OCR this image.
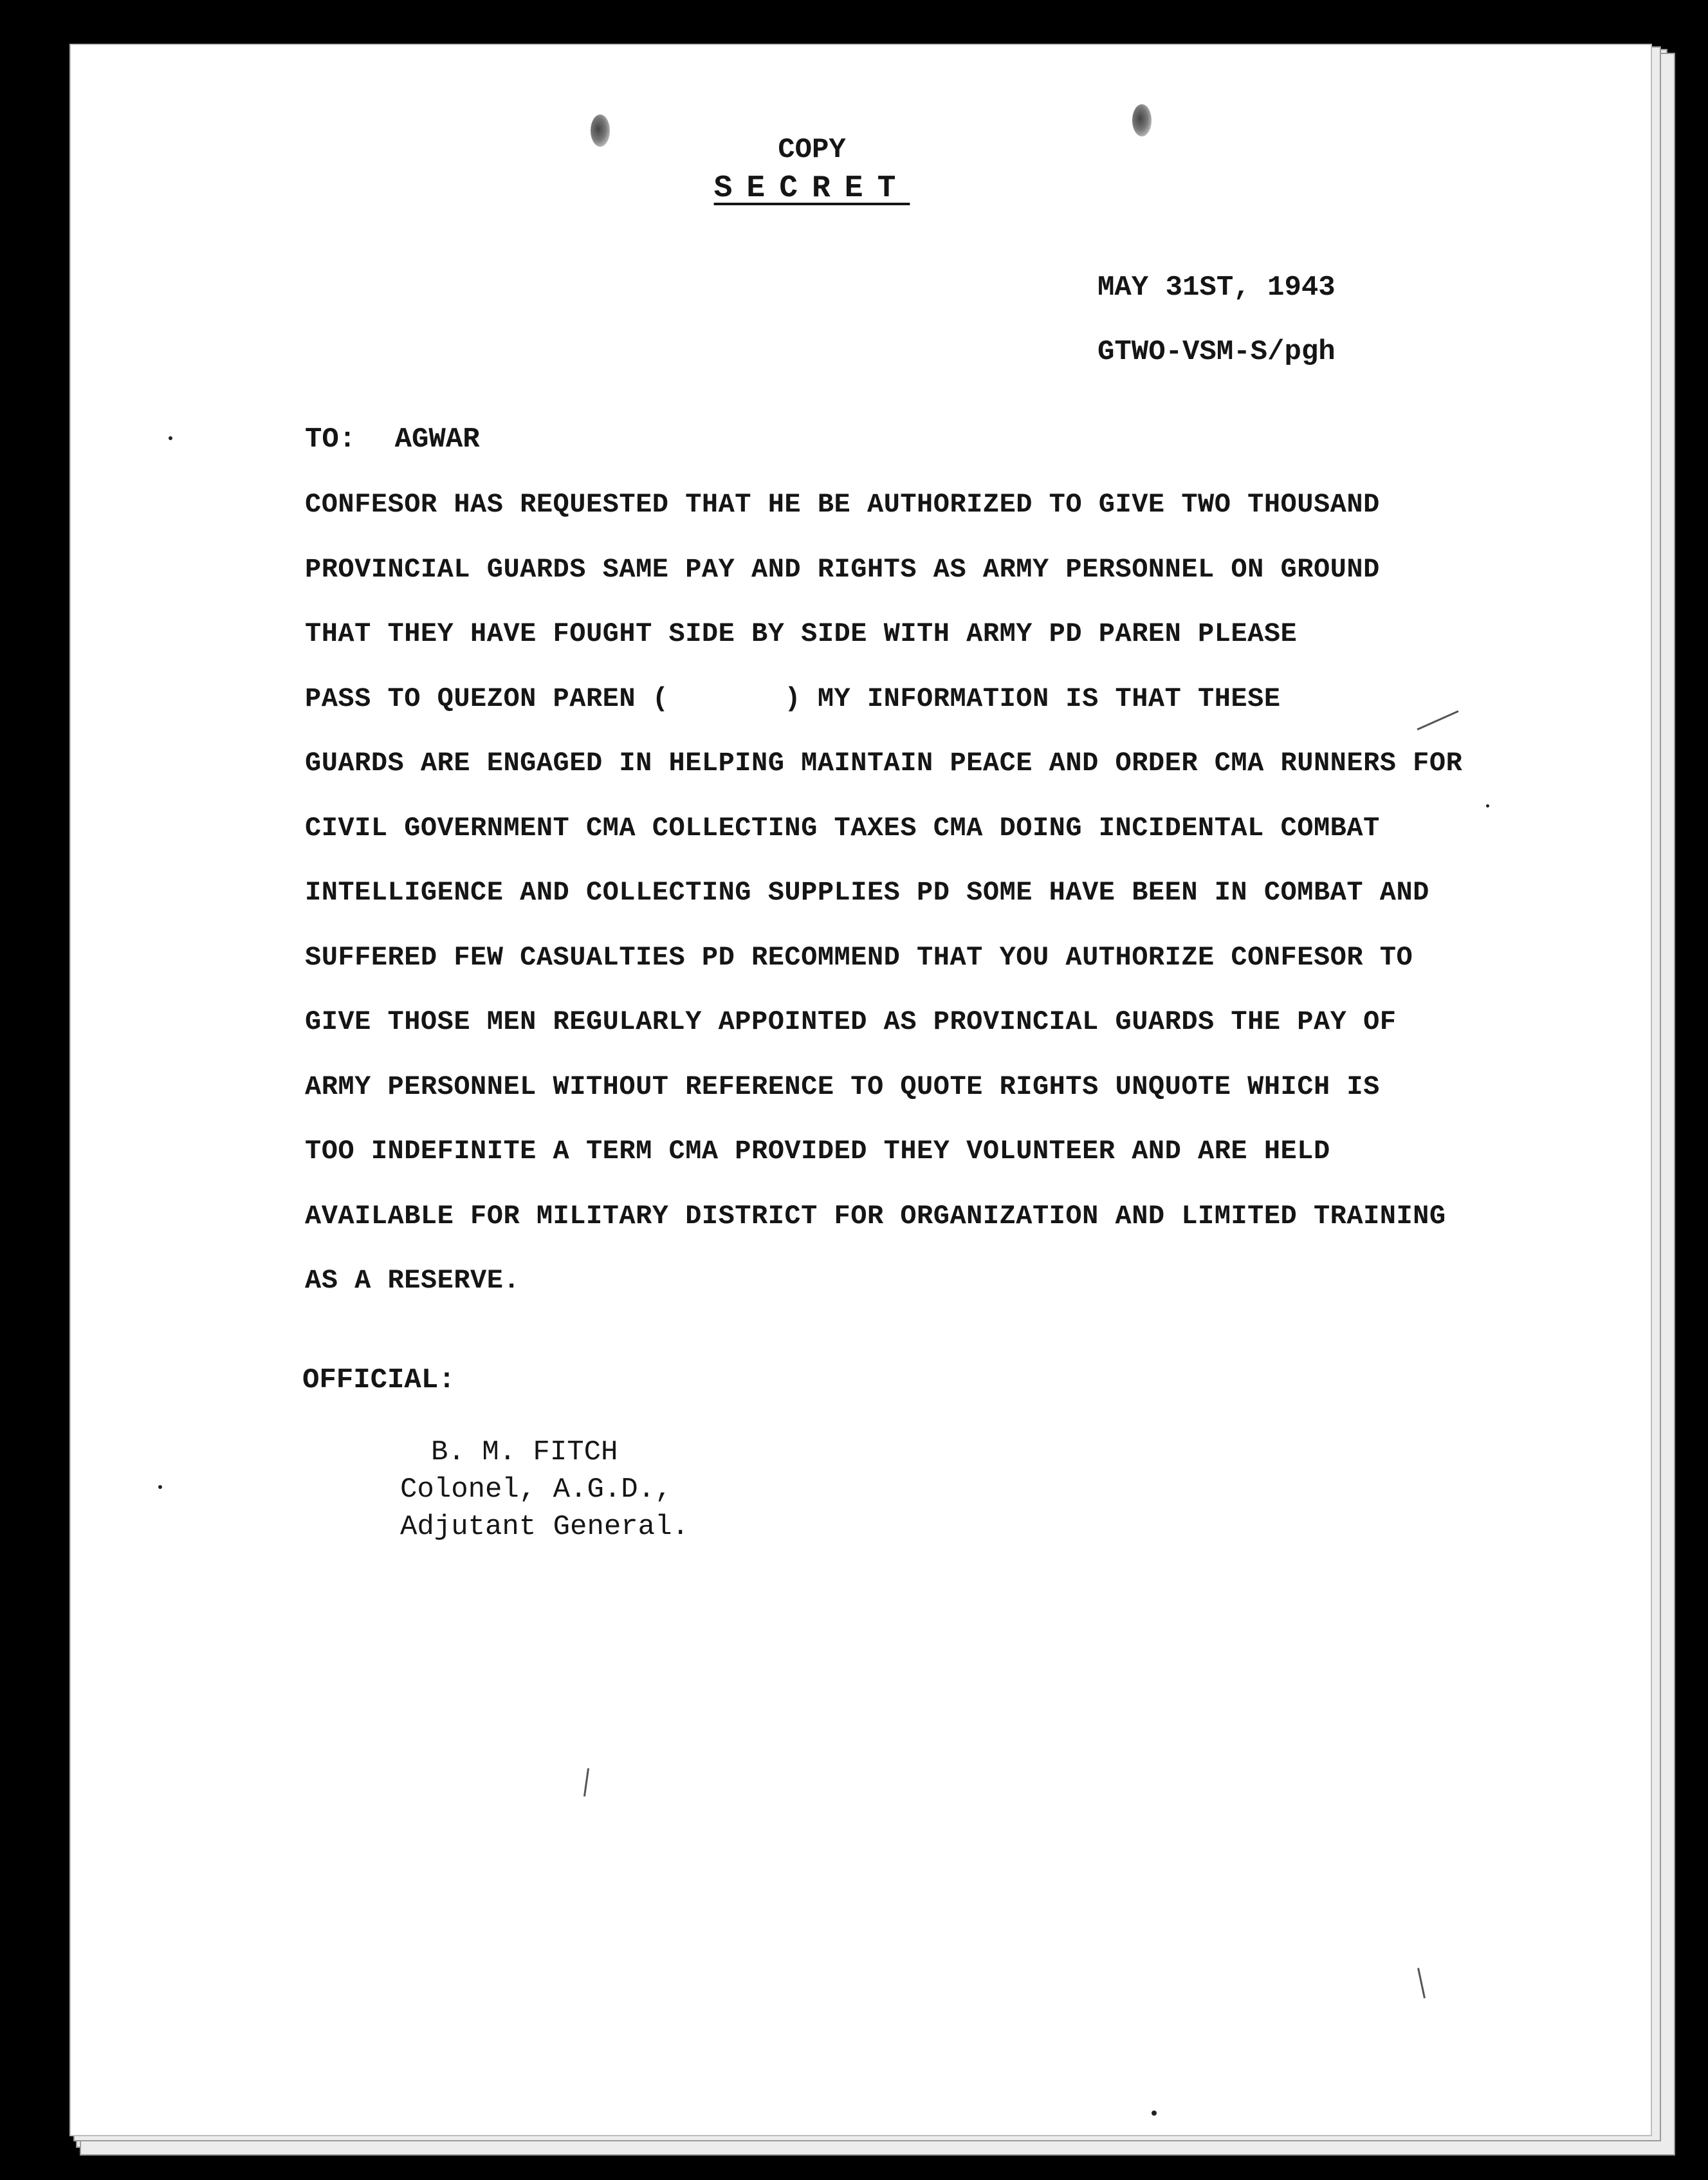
COPY
SECRET
MAY 31ST, 1943
GTWO-VSM-S/pgh
TO: AGWAR
CONFESOR HAS REQUESTED THAT HE BE AUTHORIZED TO GIVE TWO THOUSAND
PROVINCIAL GUARDS SAME PAY AND RIGHTS AS ARMY PERSONNEL ON GROUND
THAT THEY HAVE FOUGHT SIDE BY SIDE WITH ARMY PD PAREN PLEASE
PASS TO QUEZON PAREN (       ) MY INFORMATION IS THAT THESE
GUARDS ARE ENGAGED IN HELPING MAINTAIN PEACE AND ORDER CMA RUNNERS FOR
CIVIL GOVERNMENT CMA COLLECTING TAXES CMA DOING INCIDENTAL COMBAT
INTELLIGENCE AND COLLECTING SUPPLIES PD SOME HAVE BEEN IN COMBAT AND
SUFFERED FEW CASUALTIES PD RECOMMEND THAT YOU AUTHORIZE CONFESOR TO
GIVE THOSE MEN REGULARLY APPOINTED AS PROVINCIAL GUARDS THE PAY OF
ARMY PERSONNEL WITHOUT REFERENCE TO QUOTE RIGHTS UNQUOTE WHICH IS
TOO INDEFINITE A TERM CMA PROVIDED THEY VOLUNTEER AND ARE HELD
AVAILABLE FOR MILITARY DISTRICT FOR ORGANIZATION AND LIMITED TRAINING
AS A RESERVE.
OFFICIAL:
B. M. FITCH
Colonel, A.G.D.,
Adjutant General.
